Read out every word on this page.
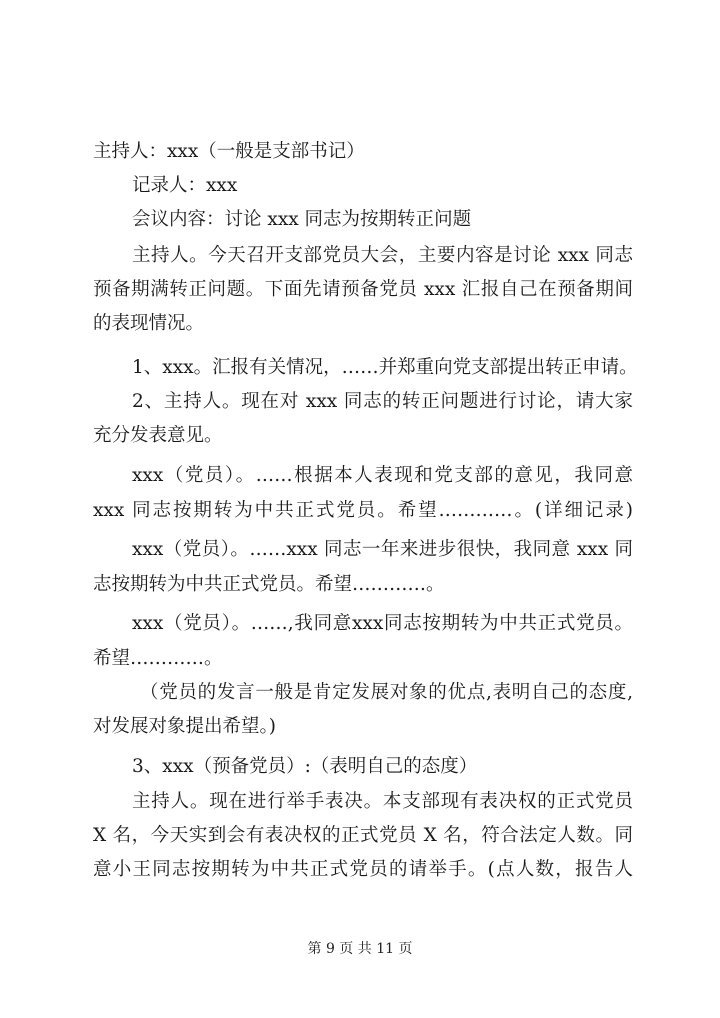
主持人：xxx（一般是支部书记）
记录人：xxx
会议内容：讨论 xxx 同志为按期转正问题
主持人。今天召开支部党员大会，主要内容是讨论 xxx 同志
预备期满转正问题。下面先请预备党员 xxx 汇报自己在预备期间
的表现情况。
1、xxx。汇报有关情况，……并郑重向党支部提出转正申请。
2、主持人。现在对 xxx 同志的转正问题进行讨论，请大家
充分发表意见。
xxx（党员）。……根据本人表现和党支部的意见，我同意
xxx 同志按期转为中共正式党员。希望…………。(详细记录)
xxx（党员）。……xxx 同志一年来进步很快，我同意 xxx 同
志按期转为中共正式党员。希望…………。
xxx（党员）。……,我同意xxx同志按期转为中共正式党员。
希望…………。
（党员的发言一般是肯定发展对象的优点,表明自己的态度,
对发展对象提出希望。)
3、xxx（预备党员）:（表明自己的态度）
主持人。现在进行举手表决。本支部现有表决权的正式党员
X 名，今天实到会有表决权的正式党员 X 名，符合法定人数。同
意小王同志按期转为中共正式党员的请举手。(点人数，报告人
第 9 页 共 11 页
